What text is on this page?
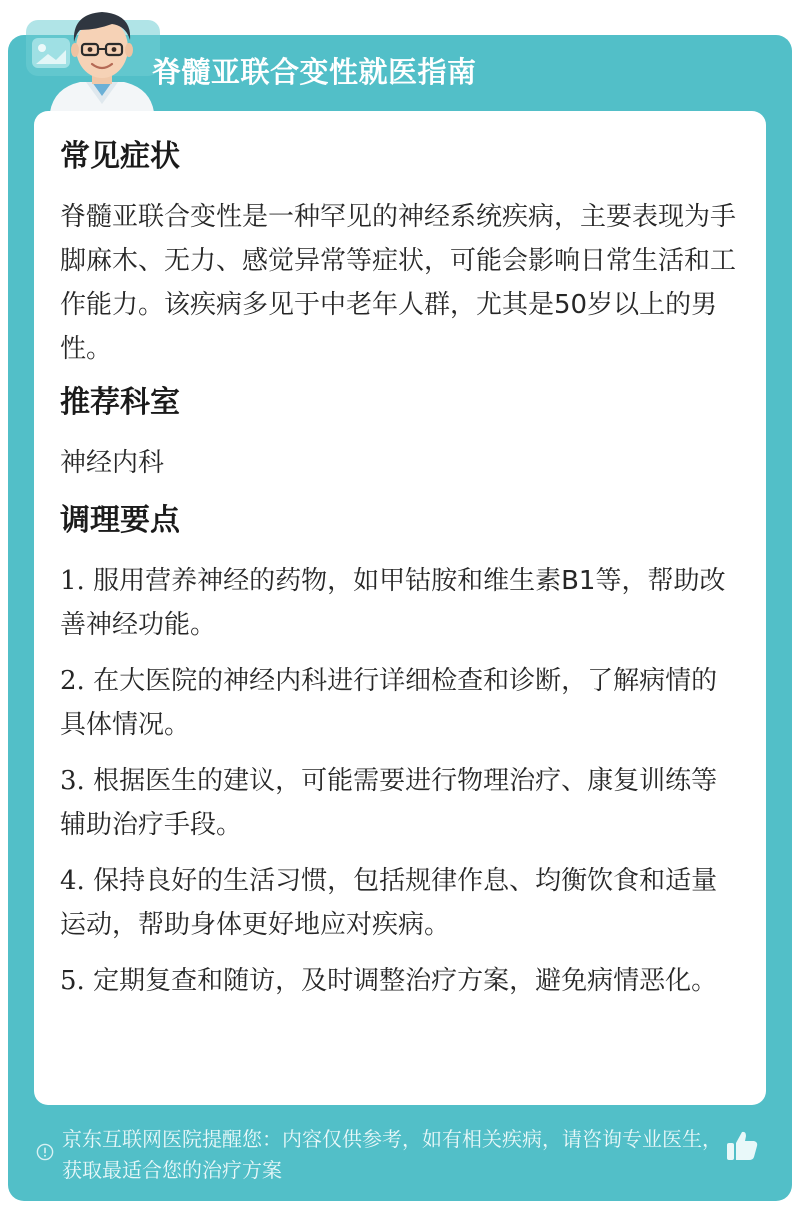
脊髓亚联合变性就医指南
常见症状
脊髓亚联合变性是一种罕见的神经系统疾病，主要表现为手脚麻木、无力、感觉异常等症状，可能会影响日常生活和工作能力。该疾病多见于中老年人群，尤其是50岁以上的男性。
推荐科室
神经内科
调理要点
1. 服用营养神经的药物，如甲钴胺和维生素B1等，帮助改善神经功能。
2. 在大医院的神经内科进行详细检查和诊断，了解病情的具体情况。
3. 根据医生的建议，可能需要进行物理治疗、康复训练等辅助治疗手段。
4. 保持良好的生活习惯，包括规律作息、均衡饮食和适量运动，帮助身体更好地应对疾病。
5. 定期复查和随访，及时调整治疗方案，避免病情恶化。
京东互联网医院提醒您：内容仅供参考，如有相关疾病，请咨询专业医生，获取最适合您的治疗方案
